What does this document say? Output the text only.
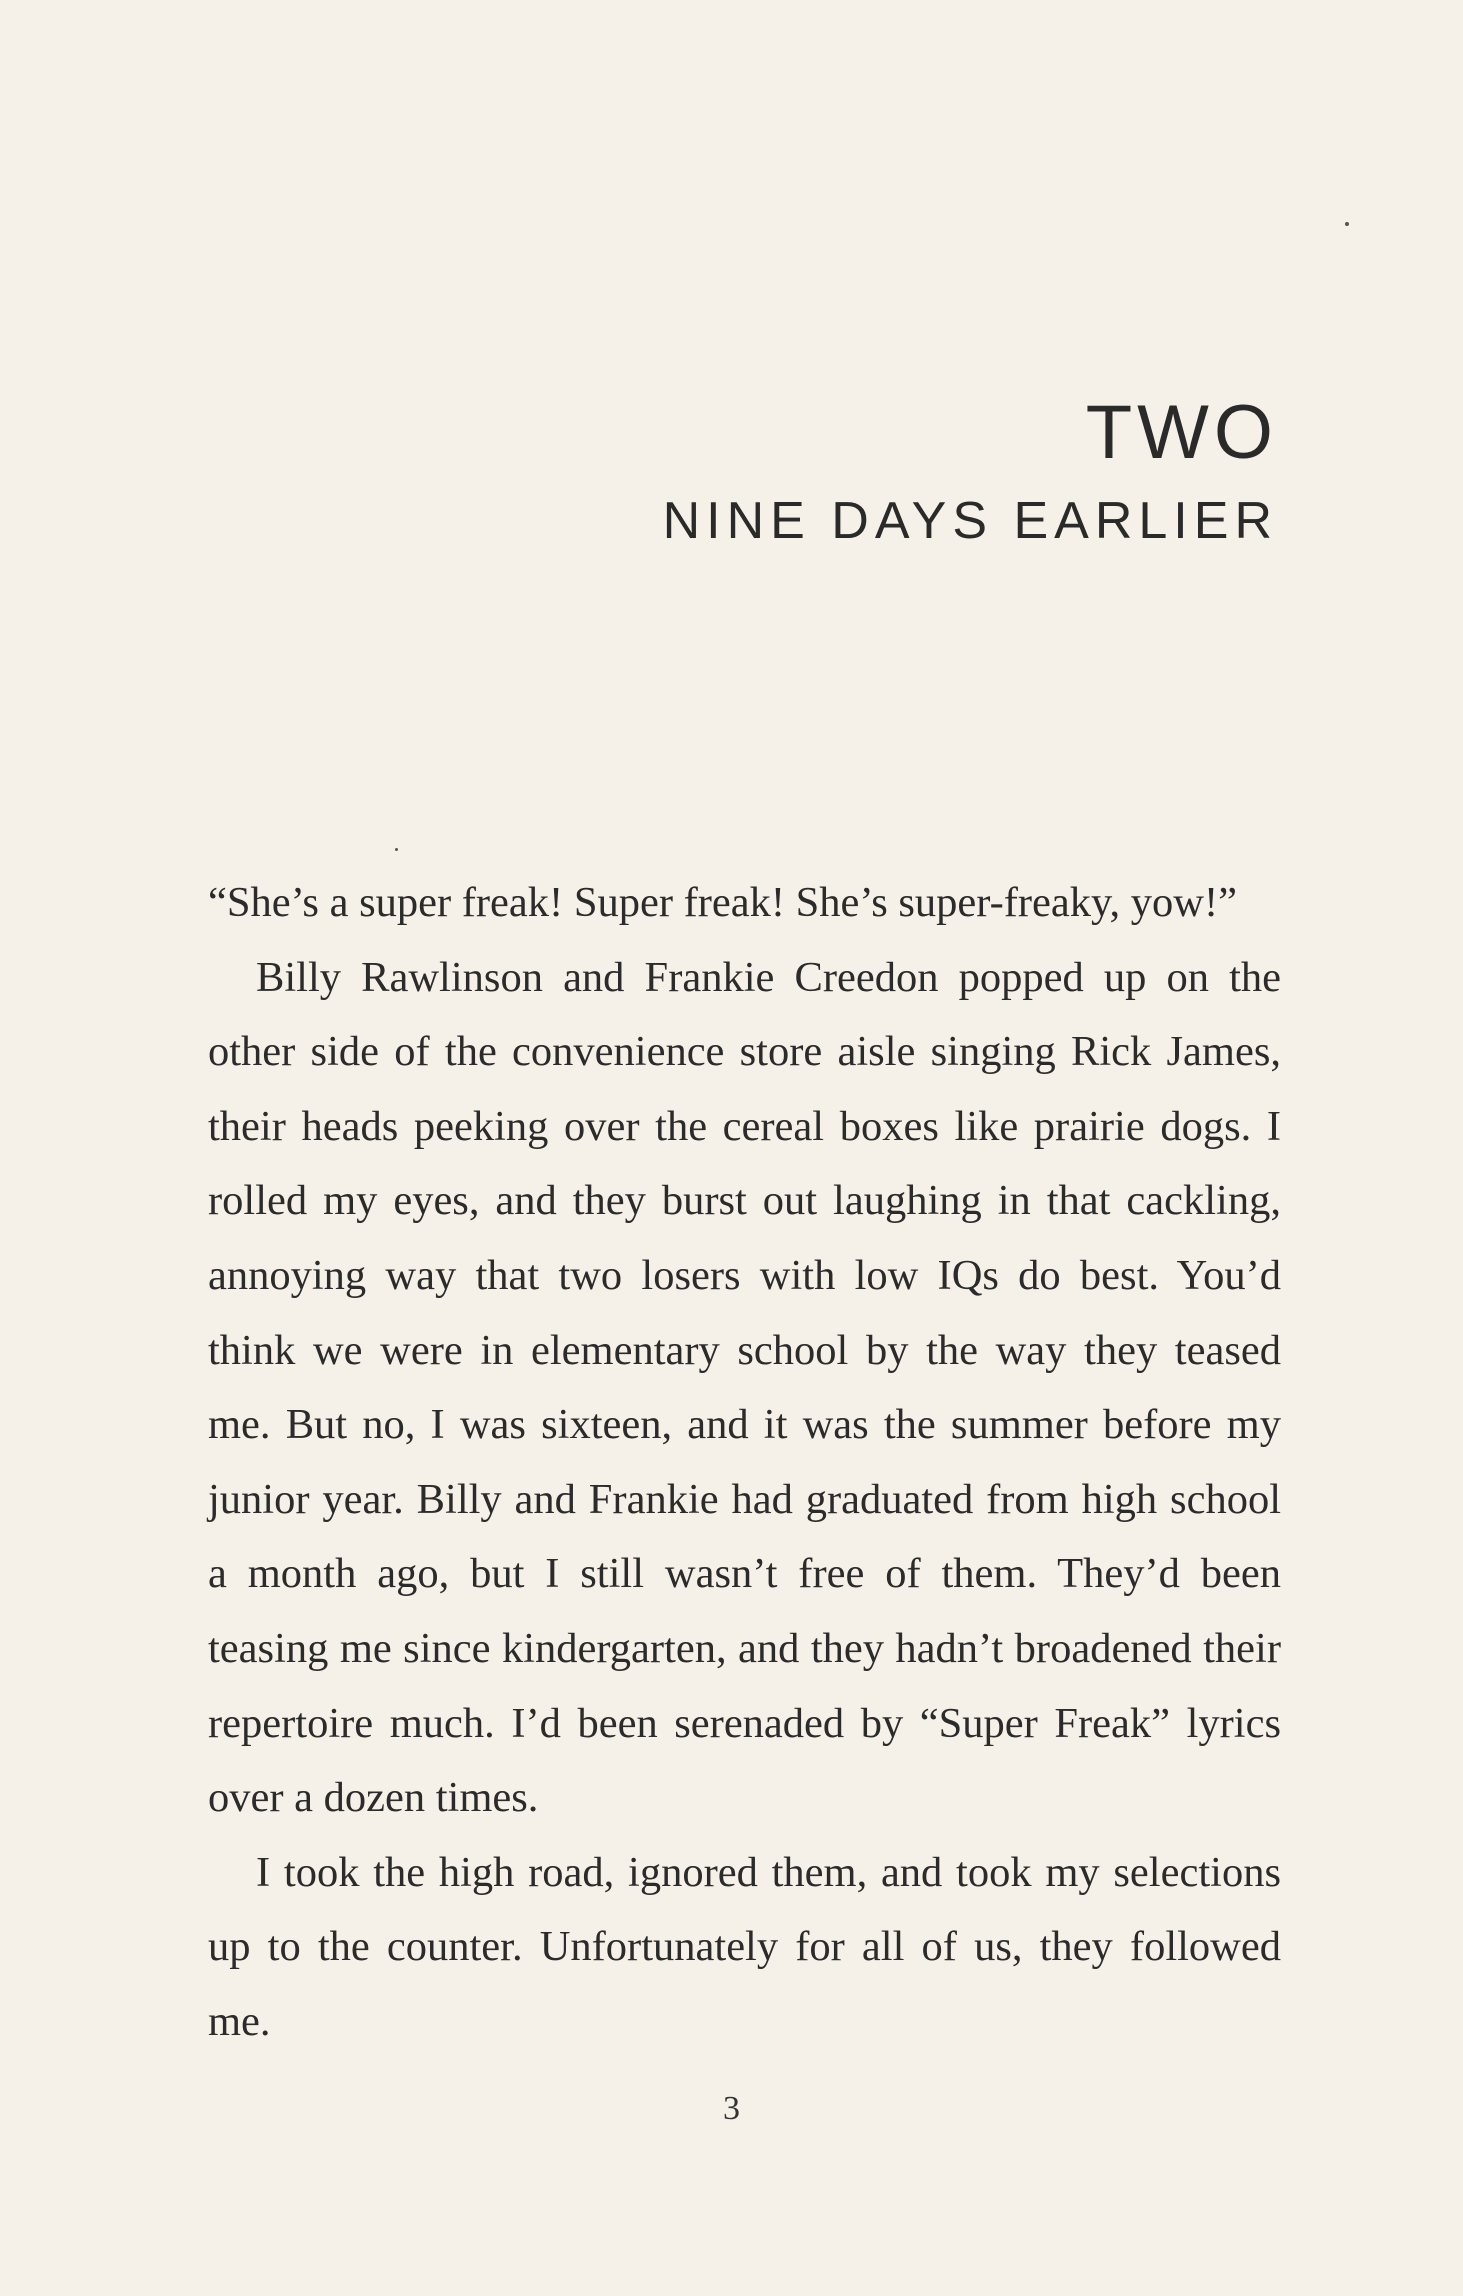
TWO
NINE DAYS EARLIER

“She’s a super freak! Super freak! She’s super-freaky, yow!”

Billy Rawlinson and Frankie Creedon popped up on the other side of the convenience store aisle singing Rick James, their heads peeking over the cereal boxes like prairie dogs. I rolled my eyes, and they burst out laughing in that cackling, annoying way that two losers with low IQs do best. You’d think we were in elementary school by the way they teased me. But no, I was sixteen, and it was the summer before my junior year. Billy and Frankie had graduated from high school a month ago, but I still wasn’t free of them. They’d been teasing me since kindergarten, and they hadn’t broadened their repertoire much. I’d been serenaded by “Super Freak” lyrics over a dozen times.

I took the high road, ignored them, and took my selections up to the counter. Unfortunately for all of us, they followed me.

3
